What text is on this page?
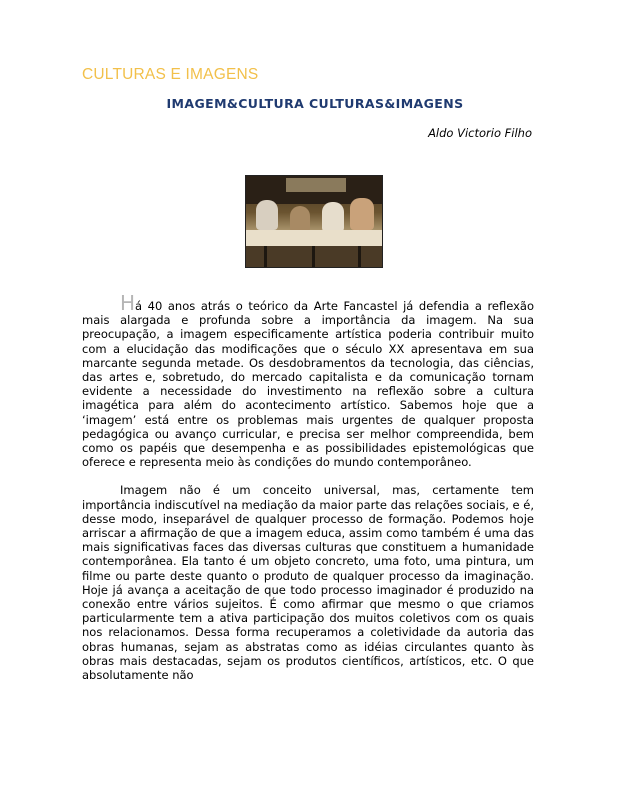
CULTURAS E IMAGENS
IMAGEM&CULTURA CULTURAS&IMAGENS
Aldo Victorio Filho

Há 40 anos atrás o teórico da Arte Fancastel já defendia a reflexão mais alargada e profunda sobre a importância da imagem. Na sua preocupação, a imagem especificamente artística poderia contribuir muito com a elucidação das modificações que o século XX apresentava em sua marcante segunda metade. Os desdobramentos da tecnologia, das ciências, das artes e, sobretudo, do mercado capitalista e da comunicação tornam evidente a necessidade do investimento na reflexão sobre a cultura imagética para além do acontecimento artístico. Sabemos hoje que a ‘imagem’ está entre os problemas mais urgentes de qualquer proposta pedagógica ou avanço curricular, e precisa ser melhor compreendida, bem como os papéis que desempenha e as possibilidades epistemológicas que oferece e representa meio às condições do mundo contemporâneo.

Imagem não é um conceito universal, mas, certamente tem importância indiscutível na mediação da maior parte das relações sociais, e é, desse modo, inseparável de qualquer processo de formação. Podemos hoje arriscar a afirmação de que a imagem educa, assim como também é uma das mais significativas faces das diversas culturas que constituem a humanidade contemporânea. Ela tanto é um objeto concreto, uma foto, uma pintura, um filme ou parte deste quanto o produto de qualquer processo da imaginação. Hoje já avança a aceitação de que todo processo imaginador é produzido na conexão entre vários sujeitos. É como afirmar que mesmo o que criamos particularmente tem a ativa participação dos muitos coletivos com os quais nos relacionamos. Dessa forma recuperamos a coletividade da autoria das obras humanas, sejam as abstratas como as idéias circulantes quanto às obras mais destacadas, sejam os produtos científicos, artísticos, etc. O que absolutamente não
